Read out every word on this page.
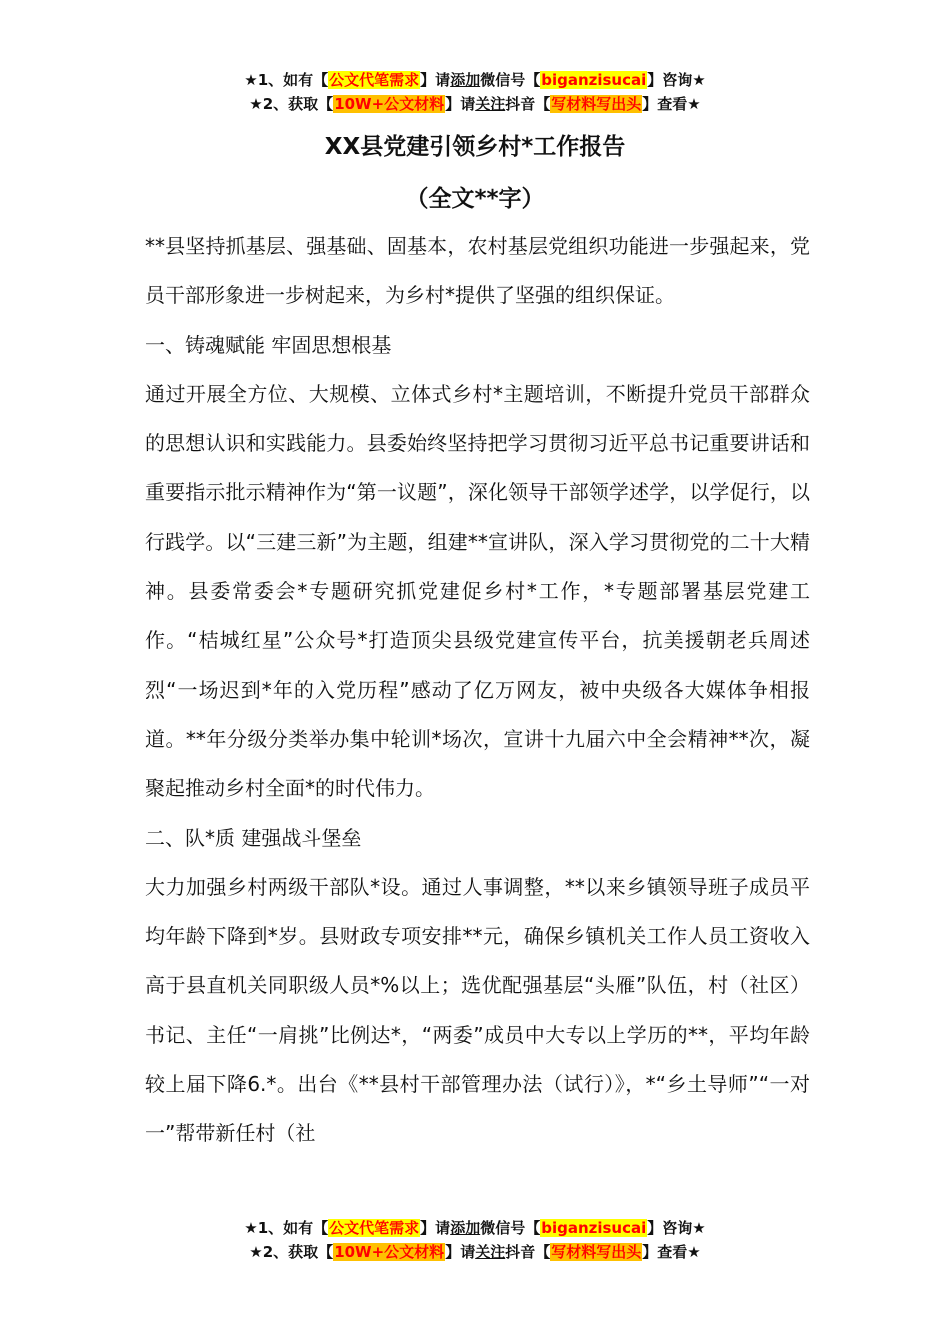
★1、如有【公文代笔需求】请添加微信号【biganzisucai】咨询★
★2、获取【10W+公文材料】请关注抖音【写材料写出头】查看★
XX县党建引领乡村*工作报告
（全文**字）

**县坚持抓基层、强基础、固基本，农村基层党组织功能进一步强起来，党员干部形象进一步树起来，为乡村*提供了坚强的组织保证。

一、铸魂赋能 牢固思想根基

通过开展全方位、大规模、立体式乡村*主题培训，不断提升党员干部群众的思想认识和实践能力。县委始终坚持把学习贯彻习近平总书记重要讲话和重要指示批示精神作为“第一议题”，深化领导干部领学述学，以学促行，以行践学。以“三建三新”为主题，组建**宣讲队，深入学习贯彻党的二十大精神。县委常委会*专题研究抓党建促乡村*工作，*专题部署基层党建工作。“桔城红星”公众号*打造顶尖县级党建宣传平台，抗美援朝老兵周述烈“一场迟到*年的入党历程”感动了亿万网友，被中央级各大媒体争相报道。**年分级分类举办集中轮训*场次，宣讲十九届六中全会精神**次，凝聚起推动乡村全面*的时代伟力。

二、队*质 建强战斗堡垒

大力加强乡村两级干部队*设。通过人事调整，**以来乡镇领导班子成员平均年龄下降到*岁。县财政专项安排**元，确保乡镇机关工作人员工资收入高于县直机关同职级人员*%以上；选优配强基层“头雁”队伍，村（社区）书记、主任“一肩挑”比例达*，“两委”成员中大专以上学历的**，平均年龄较上届下降6.*。出台《**县村干部管理办法（试行）》，*“乡土导师”“一对一”帮带新任村（社

★1、如有【公文代笔需求】请添加微信号【biganzisucai】咨询★
★2、获取【10W+公文材料】请关注抖音【写材料写出头】查看★
